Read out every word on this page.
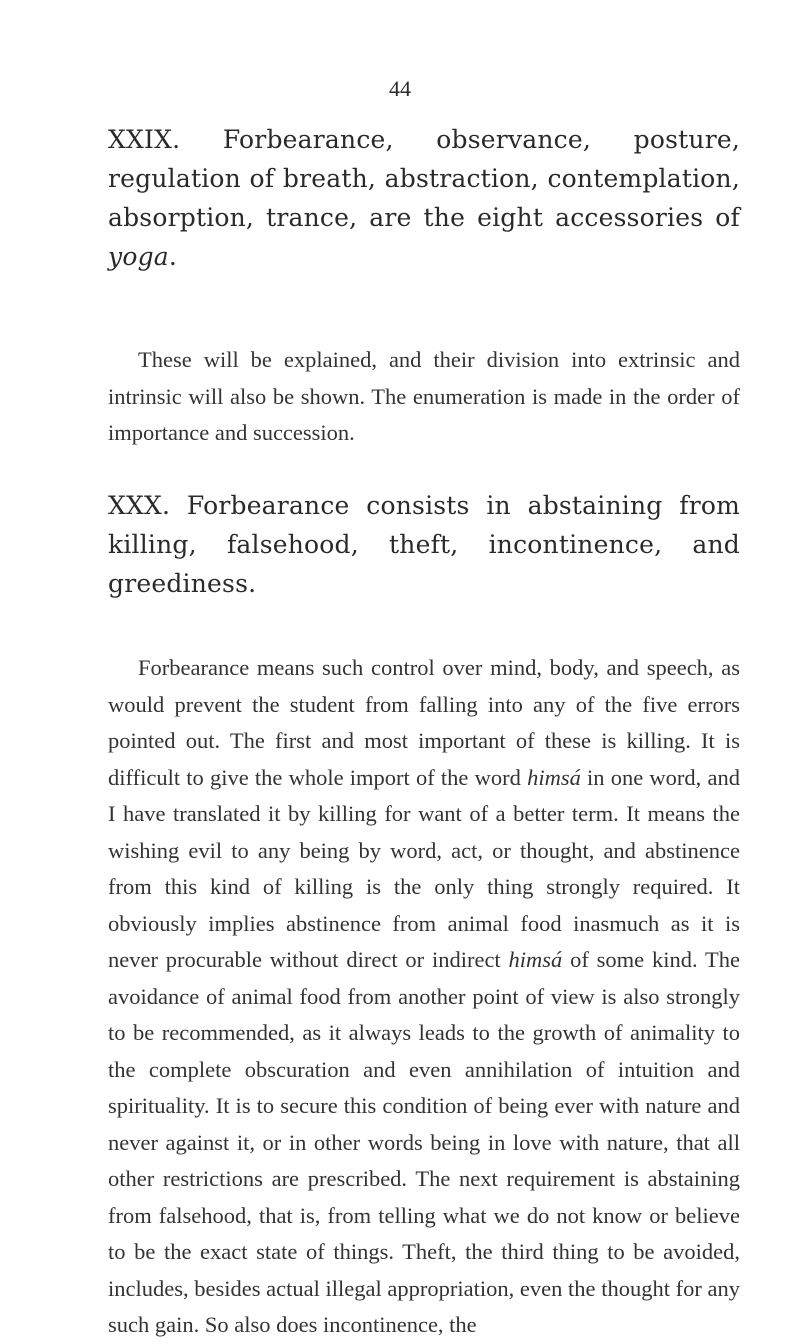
44
XXIX. Forbearance, observance, posture, regulation of breath, abstraction, contemplation, absorption, trance, are the eight accessories of yoga.
These will be explained, and their division into extrinsic and intrinsic will also be shown. The enumeration is made in the order of importance and succession.
XXX. Forbearance consists in abstaining from killing, falsehood, theft, incontinence, and greediness.
Forbearance means such control over mind, body, and speech, as would prevent the student from falling into any of the five errors pointed out. The first and most important of these is killing. It is difficult to give the whole import of the word himsá in one word, and I have translated it by killing for want of a better term. It means the wishing evil to any being by word, act, or thought, and abstinence from this kind of killing is the only thing strongly required. It obviously implies abstinence from animal food inasmuch as it is never procurable without direct or indirect himsá of some kind. The avoidance of animal food from another point of view is also strongly to be recommended, as it always leads to the growth of animality to the complete obscuration and even annihilation of intuition and spirituality. It is to secure this condition of being ever with nature and never against it, or in other words being in love with nature, that all other restrictions are prescribed. The next requirement is abstaining from falsehood, that is, from telling what we do not know or believe to be the exact state of things. Theft, the third thing to be avoided, includes, besides actual illegal appropriation, even the thought for any such gain. So also does incontinence, the
